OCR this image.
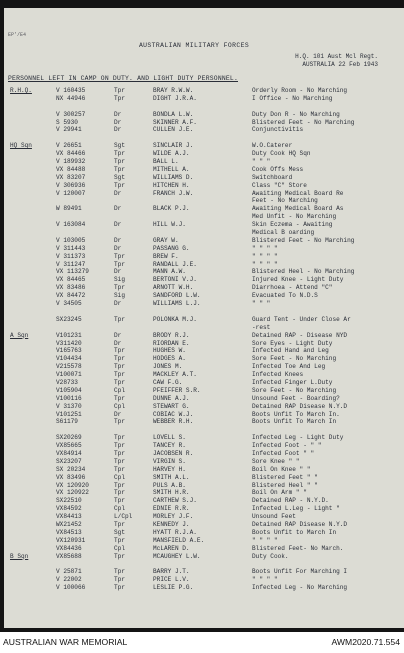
EP’/E4
AUSTRALIAN MILITARY FORCES
H.Q. 101 Aust Mcl Regt.
AUSTRALIA 22 Feb 1943
PERSONNEL LEFT IN CAMP ON DUTY. AND LIGHT DUTY PERSONNEL.
R.H.Q.	V 160435	Tpr	BRAY R.W.W.	Orderly Room - No Marching
NX 44946	Tpr	DIGHT J.R.A.	I Office - No Marching
V 300257	Dr	BONDLA L.W.	Duty Don R - No Marching
S 5930	Dr	SKINNER A.F.	Blistered Feet - No Marching
V 29941	Dr	CULLEN J.E.	Conjunctivitis
HQ Sqn	V 26651	Sgt	SINCLAIR J.	W.O.Caterer
VX 84466	Tpr	WILDE A.J.	Duty Cook HQ Sqn
V 189932	Tpr	BALL L.	" " "
VX 84488	Tpr	MITHELL A.	Cook Offs Mess
VX 83207	Sgt	WILLIAMS D.	Switchboard
V 306936	Tpr	HITCHEN H.	Class "C" Store
V 120007	Dr	FRANCH J.W.	Awaiting Medical Board Re
Feet - No Marching
W 89491	Dr	BLACK P.J.	Awaiting Medical Board As
Med Unfit - No Marching
V 163084	Dr	HILL W.J.	Skin Eczema - Awaiting
Medical B oarding
V 103005	Dr	GRAY W.	Blistered Feet - No Marching
V 311443	Dr	PASSANG G.	" " " "
V 311373	Tpr	BREW F.	" " " "
V 311247	Tpr	RANDALL J.E.	" " " "
VX 113279	Dr	MANN A.W.	Blistered Heel - No Marching
VX 84465	Sig	BERTONI V.J.	Injured Knee - Light Duty
VX 83486	Tpr	ARNOTT W.H.	Diarrhoea - Attend "C"
VX 84472	Sig	SANDFORD L.W.	Evacuated To N.D.S
V 34505	Dr	WILLIAMS L.J.	" " "
SX23245	Tpr	POLONKA M.J.	Guard Tent - Under Close Ar
-rest
A Sqn	V101231	Dr	BRODY R.J.	Detained RAP - Disease NYD
V311420	Dr	RIORDAN E.	Sore Eyes - Light Duty
V165763	Tpr	HUGHES W.	Infected Hand and Leg
V104434	Tpr	HODGES A.	Sore Feet - No Marching
V215578	Tpr	JONES M.	Infected Toe And Leg
V100071	Tpr	MACKLEY A.T.	Infected Knees
V28733	Tpr	CAW F.G.	Infected Finger L.Duty
V105904	Cpl	PFEIFFER S.R.	Sore Feet - No Marching
V100116	Tpr	DUNNE A.J.	Unsound Feet - Boarding?
V 31370	Cpl	STEWART G.	Detained RAP Disease N.Y.D
V101251	Dr	COBIAC W.J.	Boots Unfit To March In.
S61179	Tpr	WEBBER R.H.	Boots Unfit To March In
SX20269	Tpr	LOVELL S.	Infected Leg - Light Duty
VX85665	Tpr	TANCEY R.	Infected Foot - " "
VX84914	Tpr	JACOBSEN R.	Infected Foot " "
SX23207	Tpr	VIRGIN S.	Sore Knee " "
SX 20234	Tpr	HARVEY H.	Boil On Knee " "
VX 83496	Cpl	SMITH A.L.	Blistered Feet " "
VX 120920	Tpr	PULS A.B.	Blistered Heel " "
VX 120922	Tpr	SMITH H.R.	Boil On Arm " "
SX22510	Tpr	CARTHEW S.J.	Detained RAP - N.Y.D.
VX84592	Cpl	EDNIE R.R.	Infected L.Leg - Light "
VX84413	L/Cpl	MORLEY J.F.	Unsound Feet
WX21452	Tpr	KENNEDY J.	Detained RAP Disease N.Y.D
VX84513	Sgt	HYATT R.J.A.	Boots Unfit to March In
VX120931	Tpr	MANSFIELD A.E.	" " " "
VX84436	Cpl	McLAREN D.	Blistered Feet- No March.
B Sqn	VX85688	Tpr	MCAUGHEY L.W.	Duty Cook.
V 25871	Tpr	BARRY J.T.	Boots Unfit For Marching I
V 22002	Tpr	PRICE L.V.	" " " "
V 100066	Tpr	LESLIE P.G.	Infected Leg - No Marching
AUSTRALIAN WAR MEMORIAL	AWM2020.71.554
